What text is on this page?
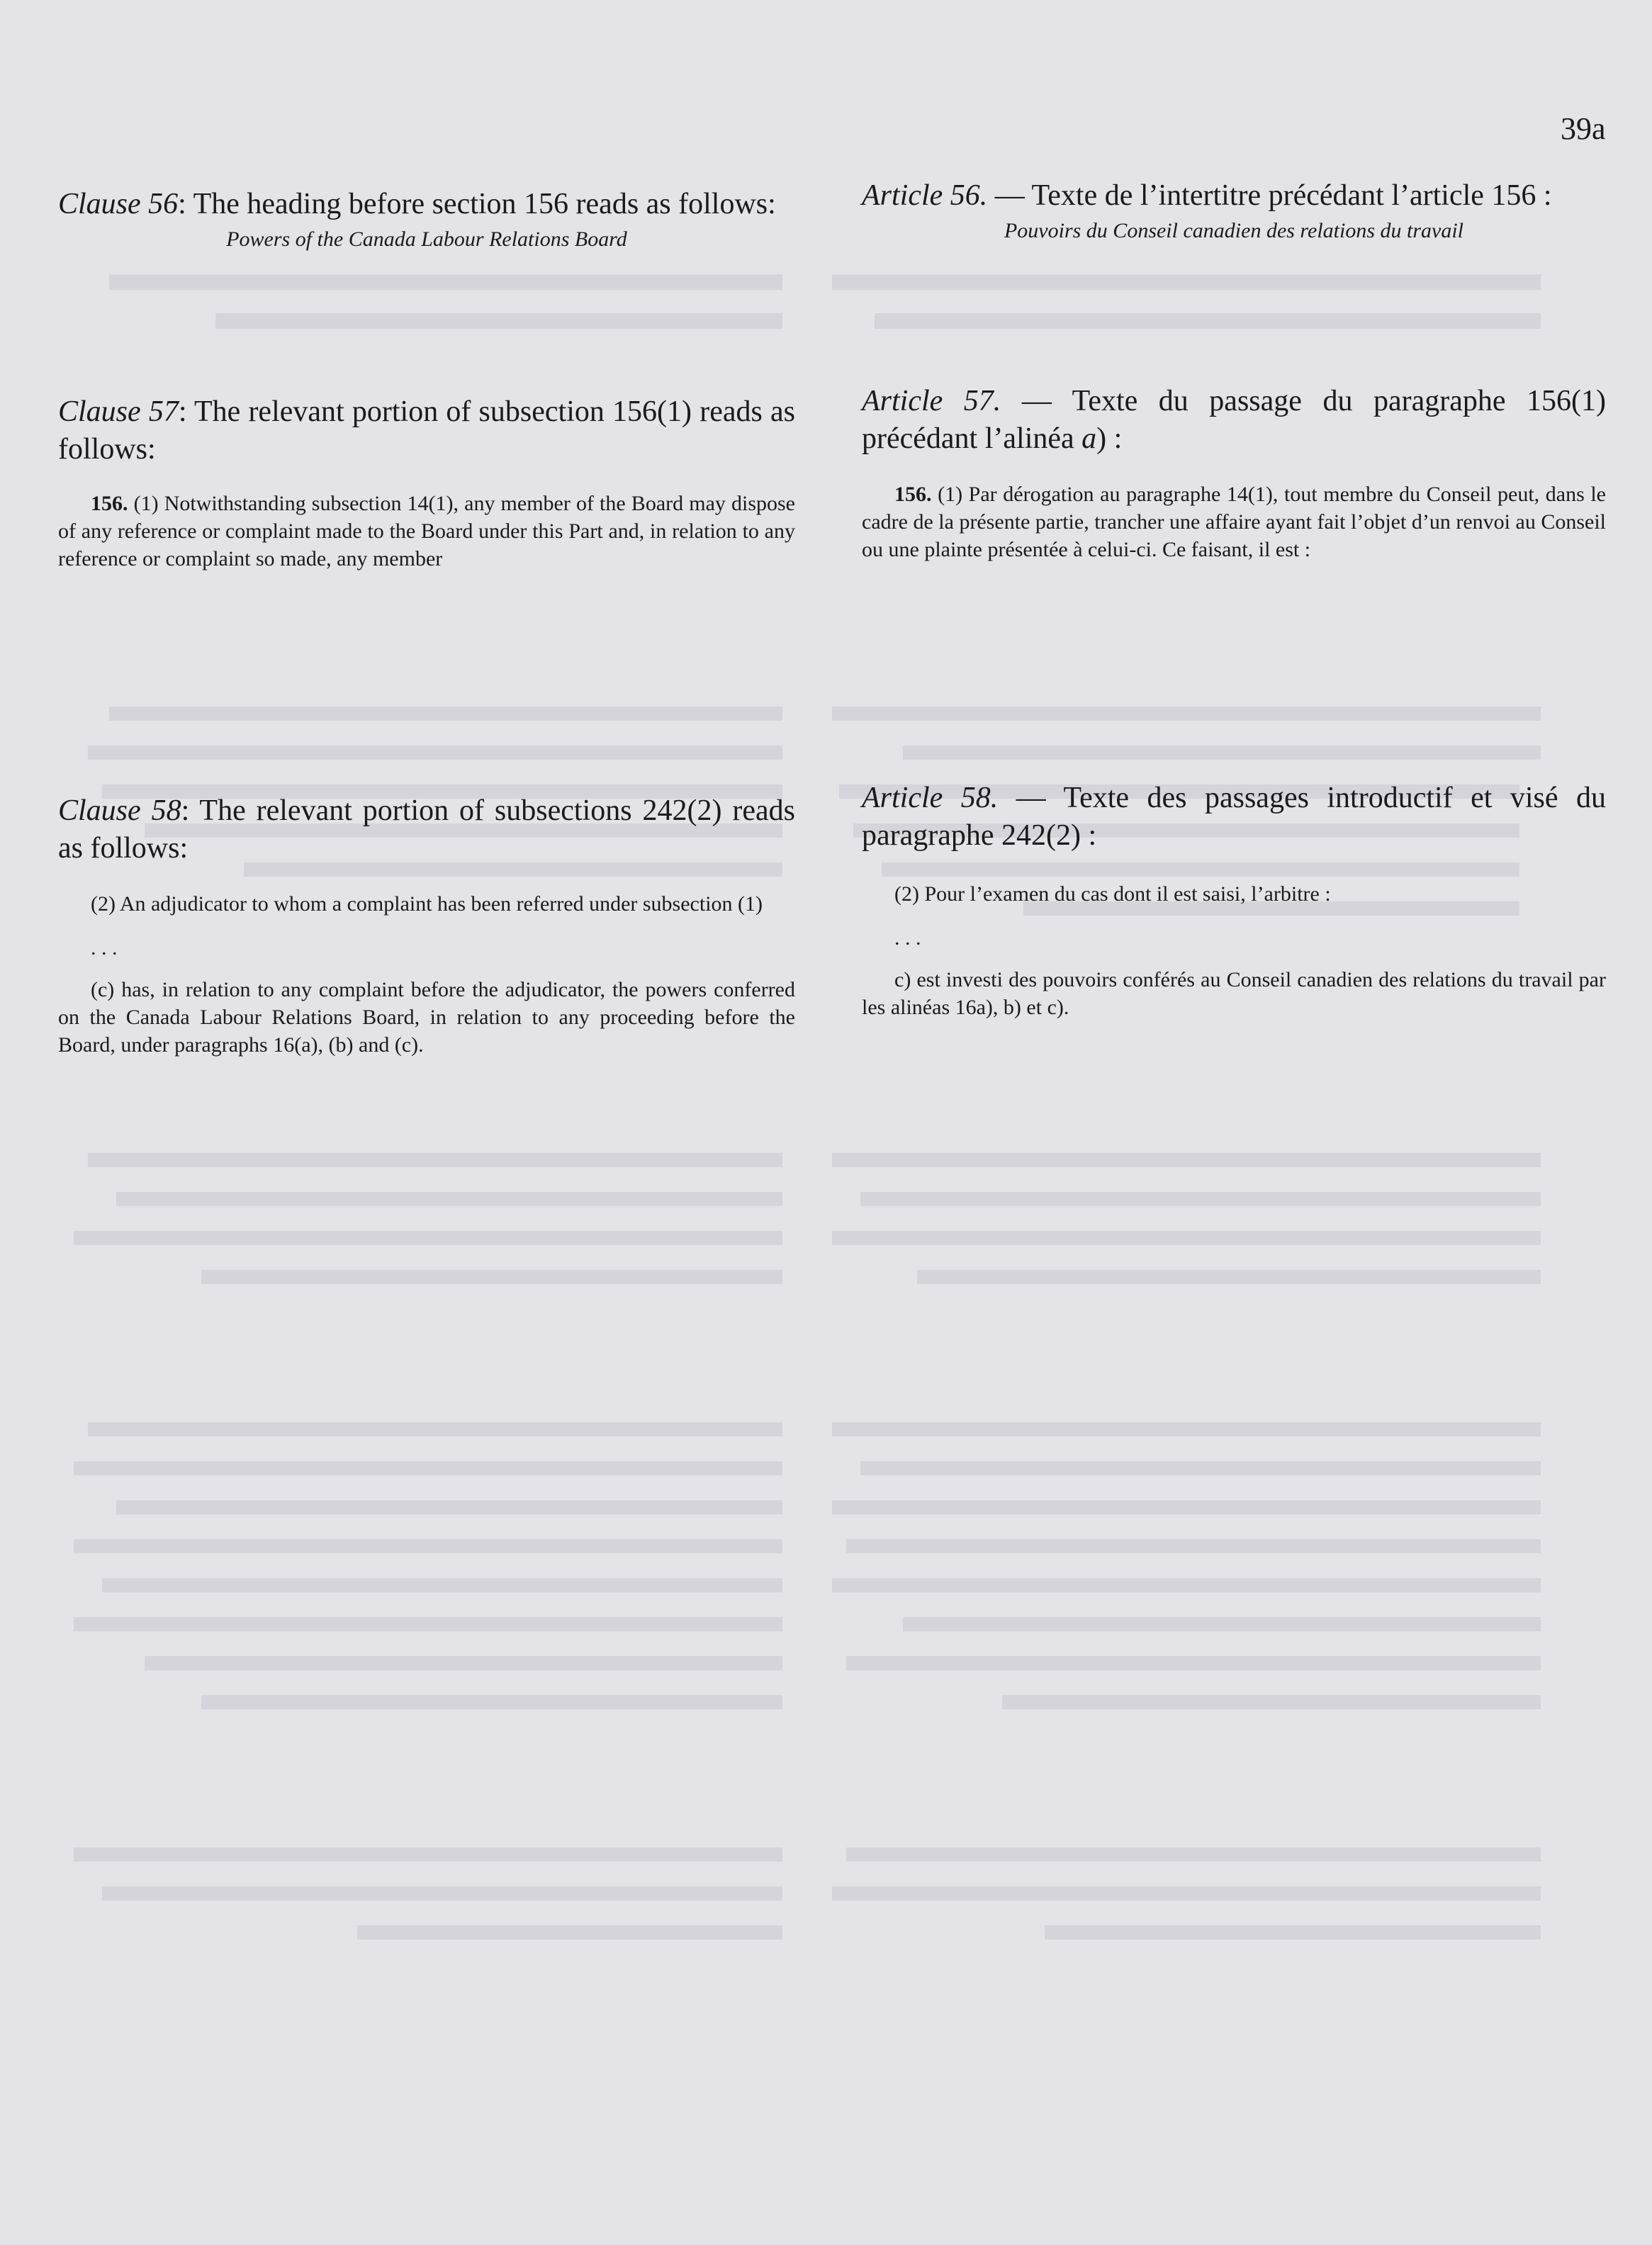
39a

Clause 56: The heading before section 156 reads as follows:

Powers of the Canada Labour Relations Board

Clause 57: The relevant portion of subsection 156(1) reads as follows:

156. (1) Notwithstanding subsection 14(1), any member of the Board may dispose of any reference or complaint made to the Board under this Part and, in relation to any reference or complaint so made, any member

Clause 58: The relevant portion of subsections 242(2) reads as follows:

(2) An adjudicator to whom a complaint has been referred under subsection (1)

. . .

(c) has, in relation to any complaint before the adjudicator, the powers conferred on the Canada Labour Relations Board, in relation to any proceeding before the Board, under paragraphs 16(a), (b) and (c).

Article 56. — Texte de l’intertitre précédant l’article 156 :

Pouvoirs du Conseil canadien des relations du travail

Article 57. — Texte du passage du paragraphe 156(1) précédant l’alinéa a) :

156. (1) Par dérogation au paragraphe 14(1), tout membre du Conseil peut, dans le cadre de la présente partie, trancher une affaire ayant fait l’objet d’un renvoi au Conseil ou une plainte présentée à celui-ci. Ce faisant, il est :

Article 58. — Texte des passages introductif et visé du paragraphe 242(2) :

(2) Pour l’examen du cas dont il est saisi, l’arbitre :

. . .

c) est investi des pouvoirs conférés au Conseil canadien des relations du travail par les alinéas 16a), b) et c).
